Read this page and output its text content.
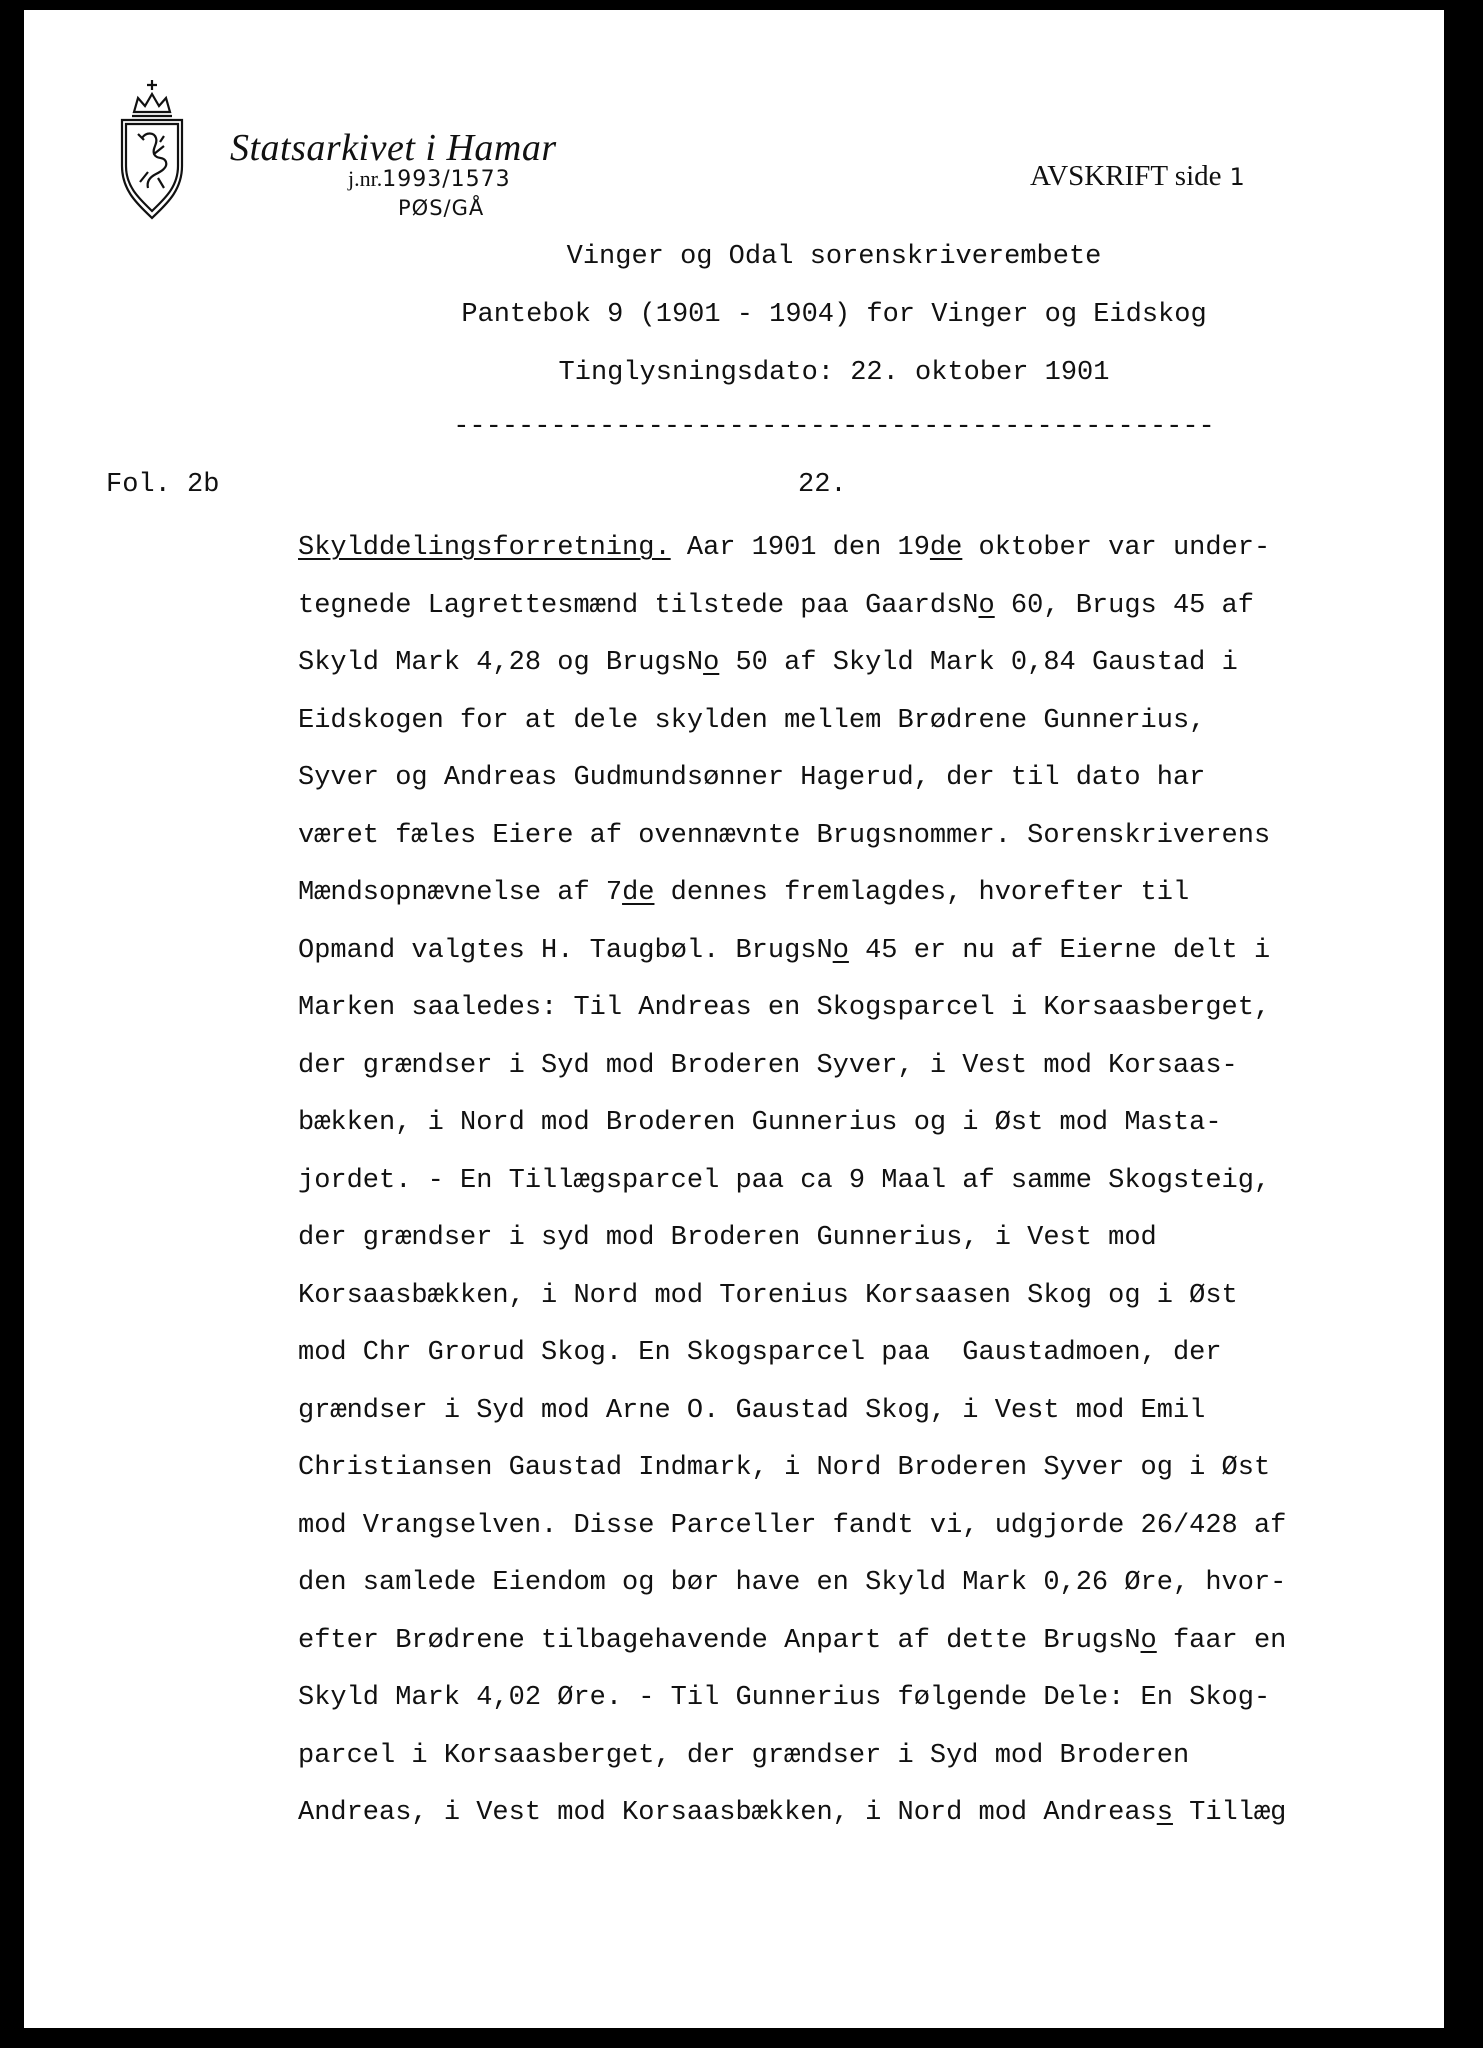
Statsarkivet i Hamar
j.nr.1993/1573
PØS/GÅ
AVSKRIFT side 1
Vinger og Odal sorenskriverembete
Pantebok 9 (1901 - 1904) for Vinger og Eidskog
Tinglysningsdato: 22. oktober 1901
-----------------------------------------------
Fol. 2b	22.
Skylddelingsforretning. Aar 1901 den 19de oktober var under-
tegnede Lagrettesmænd tilstede paa GaardsNo 60, Brugs 45 af
Skyld Mark 4,28 og BrugsNo 50 af Skyld Mark 0,84 Gaustad i
Eidskogen for at dele skylden mellem Brødrene Gunnerius,
Syver og Andreas Gudmundsønner Hagerud, der til dato har
været fæles Eiere af ovennævnte Brugsnommer. Sorenskriverens
Mændsopnævnelse af 7de dennes fremlagdes, hvorefter til
Opmand valgtes H. Taugbøl. BrugsNo 45 er nu af Eierne delt i
Marken saaledes: Til Andreas en Skogsparcel i Korsaasberget,
der grændser i Syd mod Broderen Syver, i Vest mod Korsaas-
bækken, i Nord mod Broderen Gunnerius og i Øst mod Masta-
jordet. - En Tillægsparcel paa ca 9 Maal af samme Skogsteig,
der grændser i syd mod Broderen Gunnerius, i Vest mod
Korsaasbækken, i Nord mod Torenius Korsaasen Skog og i Øst
mod Chr Grorud Skog. En Skogsparcel paa  Gaustadmoen, der
grændser i Syd mod Arne O. Gaustad Skog, i Vest mod Emil
Christiansen Gaustad Indmark, i Nord Broderen Syver og i Øst
mod Vrangselven. Disse Parceller fandt vi, udgjorde 26/428 af
den samlede Eiendom og bør have en Skyld Mark 0,26 Øre, hvor-
efter Brødrene tilbagehavende Anpart af dette BrugsNo faar en
Skyld Mark 4,02 Øre. - Til Gunnerius følgende Dele: En Skog-
parcel i Korsaasberget, der grændser i Syd mod Broderen
Andreas, i Vest mod Korsaasbækken, i Nord mod Andreass Tillæg
